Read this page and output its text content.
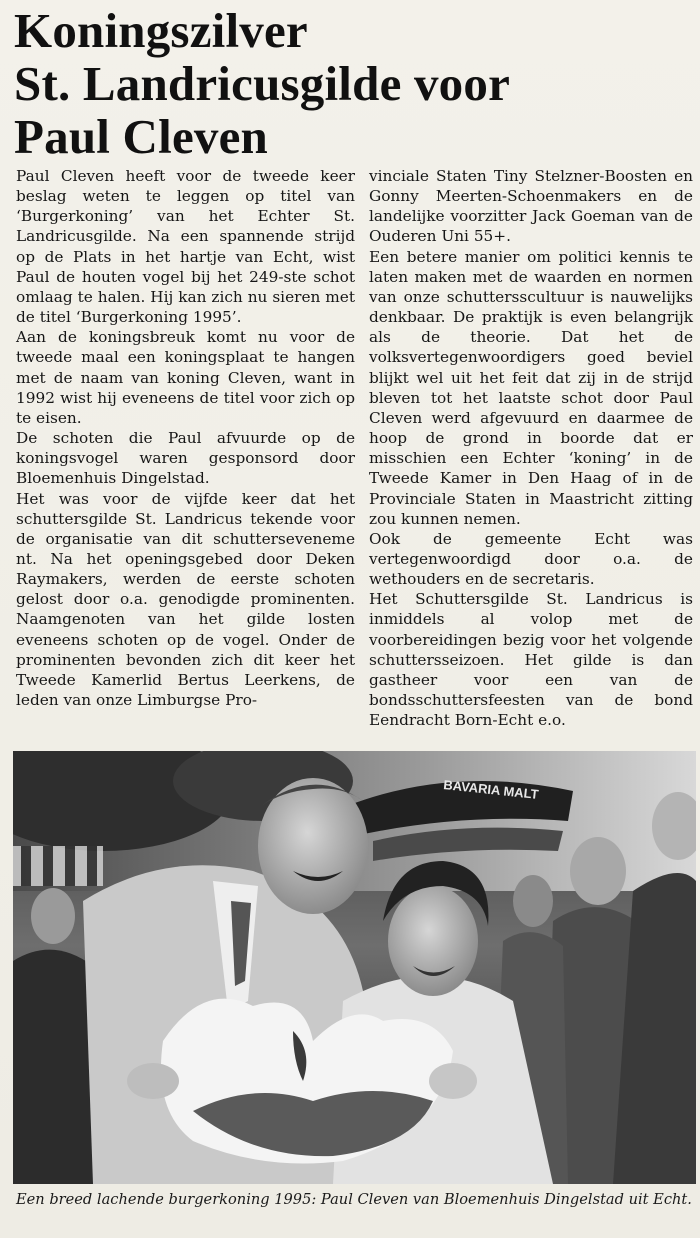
Koningszilver
St. Landricusgilde voor
Paul Cleven

Paul Cleven heeft voor de tweede keer beslag weten te leggen op titel van ‘Burgerkoning’ van het Echter St. Landricusgilde. Na een spannende strijd op de Plats in het hartje van Echt, wist Paul de houten vogel bij het 249-ste schot omlaag te halen. Hij kan zich nu sieren met de titel ‘Burgerkoning 1995’.

Aan de koningsbreuk komt nu voor de tweede maal een koningsplaat te hangen met de naam van koning Cleven, want in 1992 wist hij eveneens de titel voor zich op te eisen.

De schoten die Paul afvuurde op de koningsvogel waren gesponsord door Bloemenhuis Dingelstad.

Het was voor de vijfde keer dat het schuttersgilde St. Landricus tekende voor de organisatie van dit schutterseveneme nt. Na het openingsgebed door Deken Raymakers, werden de eerste schoten gelost door o.a. genodigde prominenten. Naamgenoten van het gilde losten eveneens schoten op de vogel. Onder de prominenten bevonden zich dit keer het Tweede Kamerlid Bertus Leerkens, de leden van onze Limburgse Pro-

vinciale Staten Tiny Stelzner-Boosten en Gonny Meerten-Schoenmakers en de landelijke voorzitter Jack Goeman van de Ouderen Uni 55+.

Een betere manier om politici kennis te laten maken met de waarden en normen van onze schuttersscultuur is nauwelijks denkbaar. De praktijk is even belangrijk als de theorie. Dat het de volksvertegenwoordigers goed beviel blijkt wel uit het feit dat zij in de strijd bleven tot het laatste schot door Paul Cleven werd afgevuurd en daarmee de hoop de grond in boorde dat er misschien een Echter ‘koning’ in de Tweede Kamer in Den Haag of in de Provinciale Staten in Maastricht zitting zou kunnen nemen.

Ook de gemeente Echt was vertegenwoordigd door o.a. de wethouders en de secretaris.

Het Schuttersgilde St. Landricus is inmiddels al volop met de voorbereidingen bezig voor het volgende schuttersseizoen. Het gilde is dan gastheer voor een van de bondsschuttersfeesten van de bond Eendracht Born-Echt e.o.

BAVARIA MALT

Een breed lachende burgerkoning 1995: Paul Cleven van Bloemenhuis Dingelstad uit Echt.
